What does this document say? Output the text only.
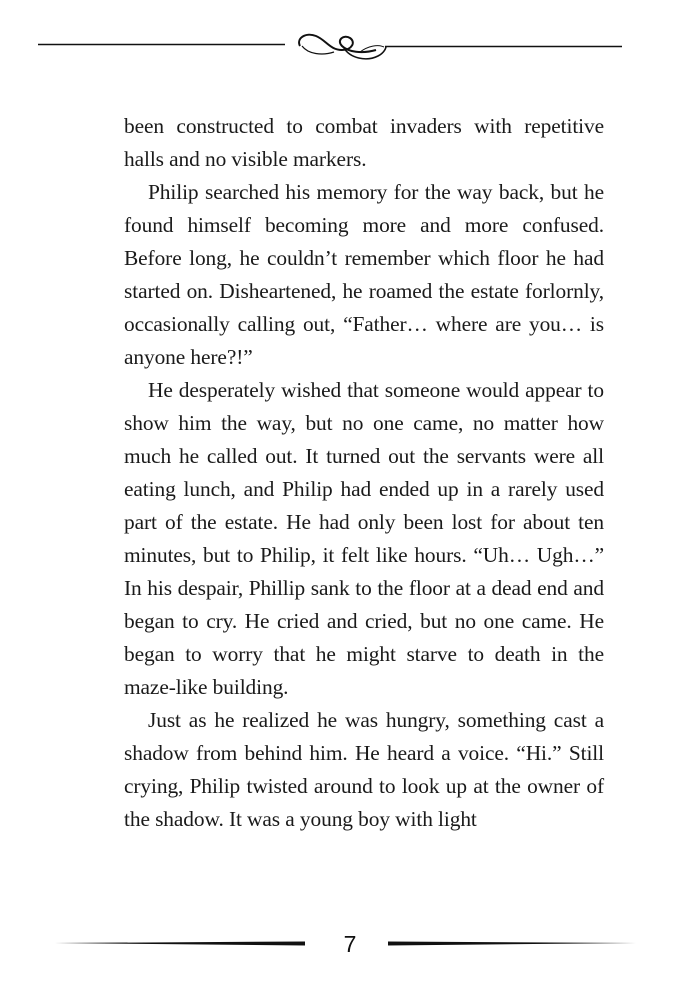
been constructed to combat invaders with repetitive halls and no visible markers.

Philip searched his memory for the way back, but he found himself becoming more and more confused. Before long, he couldn’t remember which floor he had started on. Disheartened, he roamed the estate forlornly, occasionally calling out, “Father… where are you… is anyone here?!”

He desperately wished that someone would appear to show him the way, but no one came, no matter how much he called out. It turned out the servants were all eating lunch, and Philip had ended up in a rarely used part of the estate. He had only been lost for about ten minutes, but to Philip, it felt like hours. “Uh… Ugh…” In his despair, Phillip sank to the floor at a dead end and began to cry. He cried and cried, but no one came. He began to worry that he might starve to death in the maze-like building.

Just as he realized he was hungry, something cast a shadow from behind him. He heard a voice. “Hi.” Still crying, Philip twisted around to look up at the owner of the shadow. It was a young boy with light

7
